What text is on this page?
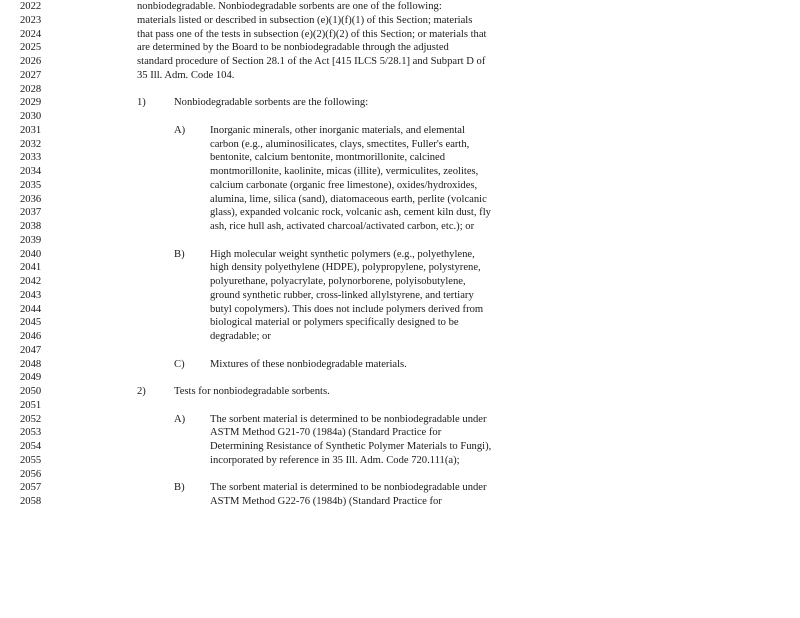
2022	nonbiodegradable. Nonbiodegradable sorbents are one of the following:
2023	materials listed or described in subsection (e)(1)(f)(1) of this Section; materials
2024	that pass one of the tests in subsection (e)(2)(f)(2) of this Section; or materials that
2025	are determined by the Board to be nonbiodegradable through the adjusted
2026	standard procedure of Section 28.1 of the Act [415 ILCS 5/28.1] and Subpart D of
2027	35 Ill. Adm. Code 104.
2028
2029	1)	Nonbiodegradable sorbents are the following:
2030
2031	A) Inorganic minerals, other inorganic materials, and elemental
2032	carbon (e.g., aluminosilicates, clays, smectites, Fuller's earth,
2033	bentonite, calcium bentonite, montmorillonite, calcined
2034	montmorillonite, kaolinite, micas (illite), vermiculites, zeolites,
2035	calcium carbonate (organic free limestone), oxides/hydroxides,
2036	alumina, lime, silica (sand), diatomaceous earth, perlite (volcanic
2037	glass), expanded volcanic rock, volcanic ash, cement kiln dust, fly
2038	ash, rice hull ash, activated charcoal/activated carbon, etc.); or
2039
2040	B) High molecular weight synthetic polymers (e.g., polyethylene,
2041	high density polyethylene (HDPE), polypropylene, polystyrene,
2042	polyurethane, polyacrylate, polynorborene, polyisobutylene,
2043	ground synthetic rubber, cross-linked allylstyrene, and tertiary
2044	butyl copolymers). This does not include polymers derived from
2045	biological material or polymers specifically designed to be
2046	degradable; or
2047
2048	C) Mixtures of these nonbiodegradable materials.
2049
2050	2)	Tests for nonbiodegradable sorbents.
2051
2052	A) The sorbent material is determined to be nonbiodegradable under
2053	ASTM Method G21-70 (1984a) (Standard Practice for
2054	Determining Resistance of Synthetic Polymer Materials to Fungi),
2055	incorporated by reference in 35 Ill. Adm. Code 720.111(a);
2056
2057	B) The sorbent material is determined to be nonbiodegradable under
2058	ASTM Method G22-76 (1984b) (Standard Practice for
